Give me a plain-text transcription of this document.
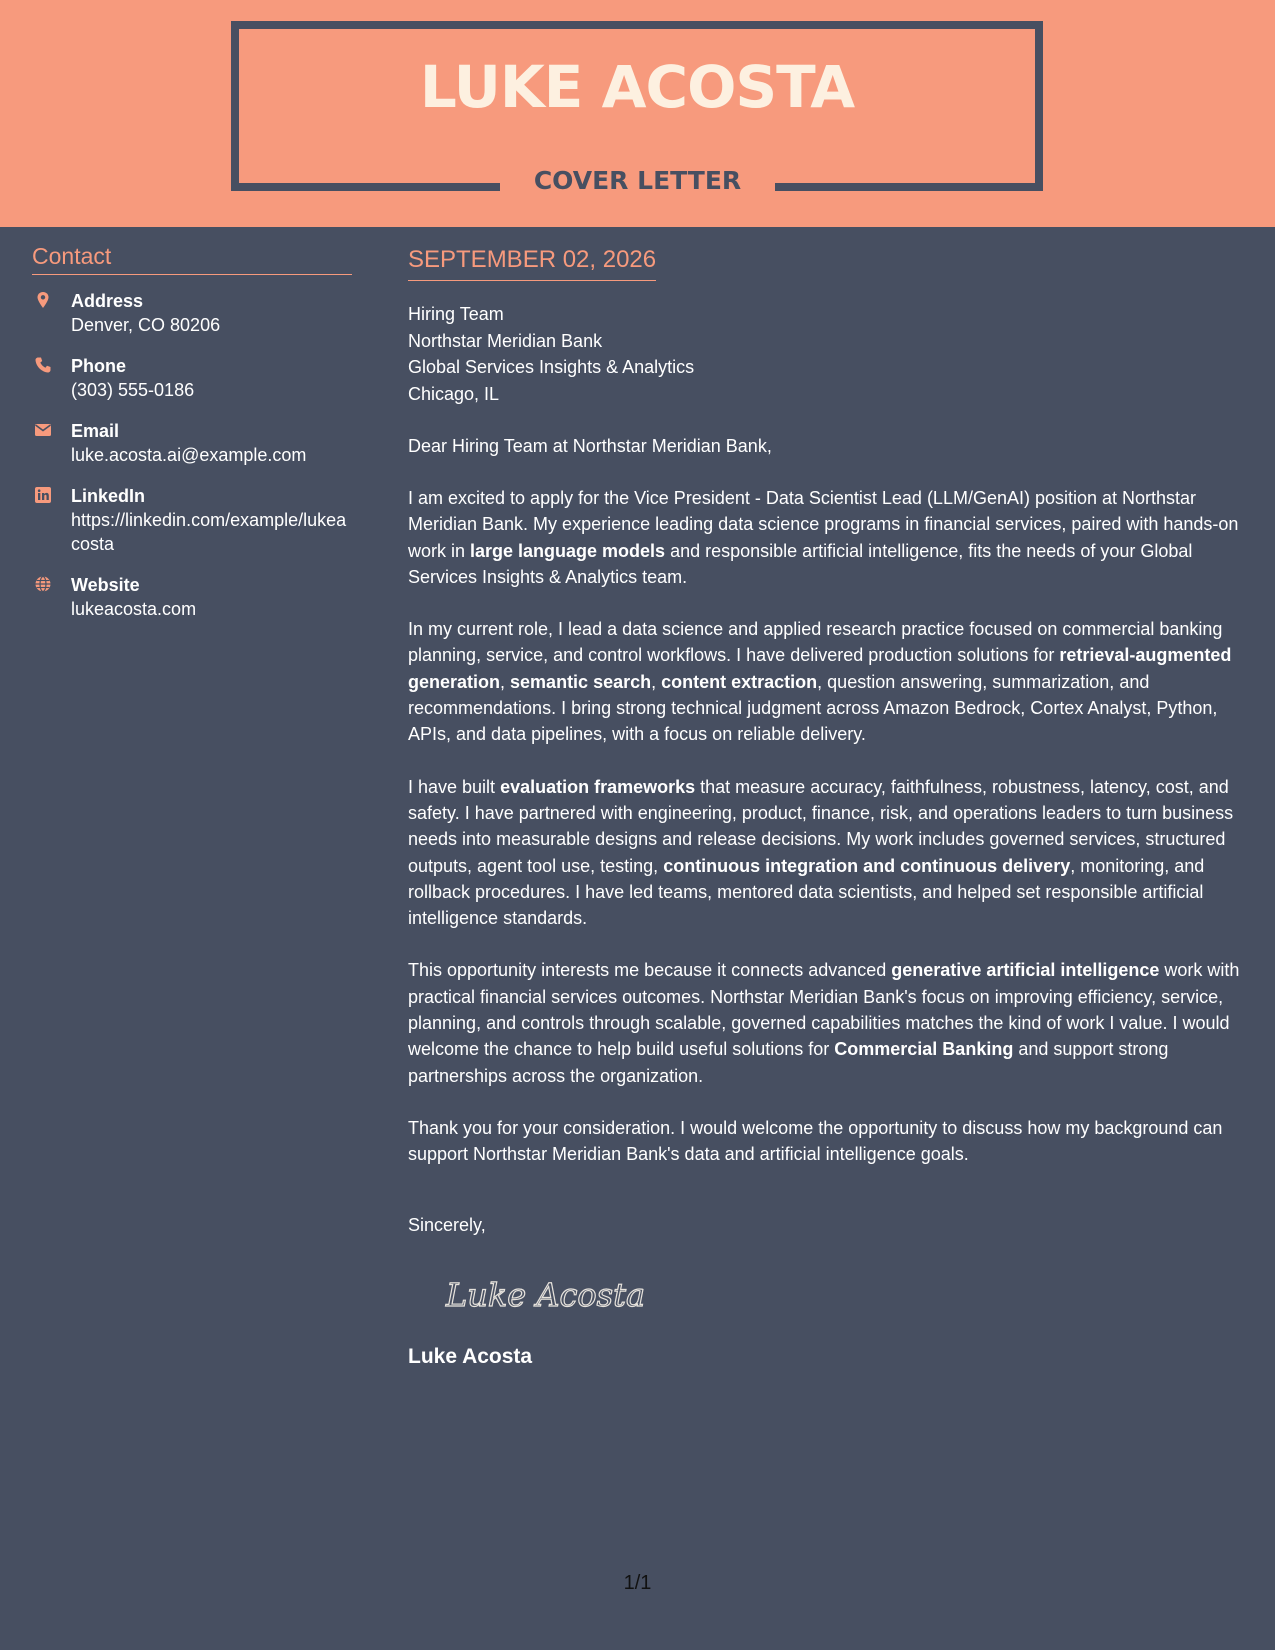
LUKE ACOSTA
COVER LETTER
Contact
Address
Denver, CO 80206
Phone
(303) 555-0186
Email
luke.acosta.ai@example.com
LinkedIn
https://linkedin.com/example/lukeacosta
Website
lukeacosta.com
SEPTEMBER 02, 2026
Hiring Team
Northstar Meridian Bank
Global Services Insights & Analytics
Chicago, IL
Dear Hiring Team at Northstar Meridian Bank,

I am excited to apply for the Vice President - Data Scientist Lead (LLM/GenAI) position at Northstar Meridian Bank. My experience leading data science programs in financial services, paired with hands-on work in large language models and responsible artificial intelligence, fits the needs of your Global Services Insights & Analytics team.

In my current role, I lead a data science and applied research practice focused on commercial banking planning, service, and control workflows. I have delivered production solutions for retrieval-augmented generation, semantic search, content extraction, question answering, summarization, and recommendations. I bring strong technical judgment across Amazon Bedrock, Cortex Analyst, Python, APIs, and data pipelines, with a focus on reliable delivery.

I have built evaluation frameworks that measure accuracy, faithfulness, robustness, latency, cost, and safety. I have partnered with engineering, product, finance, risk, and operations leaders to turn business needs into measurable designs and release decisions. My work includes governed services, structured outputs, agent tool use, testing, continuous integration and continuous delivery, monitoring, and rollback procedures. I have led teams, mentored data scientists, and helped set responsible artificial intelligence standards.

This opportunity interests me because it connects advanced generative artificial intelligence work with practical financial services outcomes. Northstar Meridian Bank's focus on improving efficiency, service, planning, and controls through scalable, governed capabilities matches the kind of work I value. I would welcome the chance to help build useful solutions for Commercial Banking and support strong partnerships across the organization.

Thank you for your consideration. I would welcome the opportunity to discuss how my background can support Northstar Meridian Bank's data and artificial intelligence goals.

Sincerely,
Luke Acosta
Luke Acosta
1/1
